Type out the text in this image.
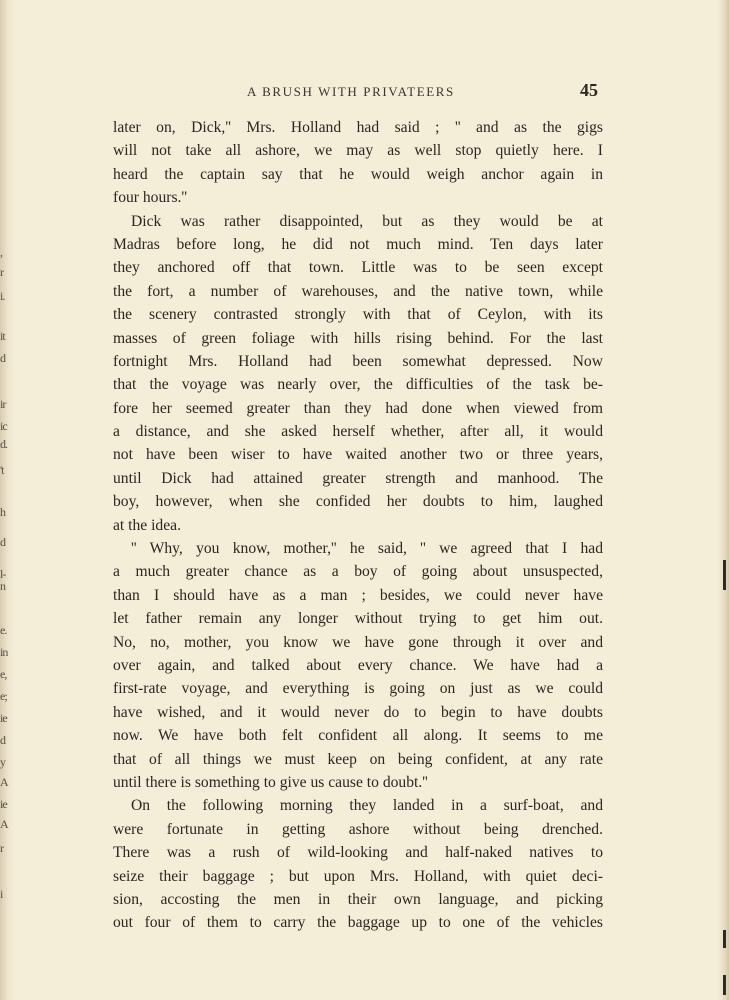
,
r
i.
it
d
ir
ic
d.
't
h
d
l-
n
e.
in
e,
e;
ie
d
y
A
ie
A
r
i
A BRUSH WITH PRIVATEERS	45
later on, Dick,'' Mrs. Holland had said ; '' and as the gigs
will not take all ashore, we may as well stop quietly here. I
heard the captain say that he would weigh anchor again in
four hours.''
Dick was rather disappointed, but as they would be at
Madras before long, he did not much mind. Ten days later
they anchored off that town. Little was to be seen except
the fort, a number of warehouses, and the native town, while
the scenery contrasted strongly with that of Ceylon, with its
masses of green foliage with hills rising behind. For the last
fortnight Mrs. Holland had been somewhat depressed. Now
that the voyage was nearly over, the difficulties of the task be-
fore her seemed greater than they had done when viewed from
a distance, and she asked herself whether, after all, it would
not have been wiser to have waited another two or three years,
until Dick had attained greater strength and manhood. The
boy, however, when she confided her doubts to him, laughed
at the idea.
'' Why, you know, mother,'' he said, '' we agreed that I had
a much greater chance as a boy of going about unsuspected,
than I should have as a man ; besides, we could never have
let father remain any longer without trying to get him out.
No, no, mother, you know we have gone through it over and
over again, and talked about every chance. We have had a
first-rate voyage, and everything is going on just as we could
have wished, and it would never do to begin to have doubts
now. We have both felt confident all along. It seems to me
that of all things we must keep on being confident, at any rate
until there is something to give us cause to doubt.''
On the following morning they landed in a surf-boat, and
were fortunate in getting ashore without being drenched.
There was a rush of wild-looking and half-naked natives to
seize their baggage ; but upon Mrs. Holland, with quiet deci-
sion, accosting the men in their own language, and picking
out four of them to carry the baggage up to one of the vehicles
